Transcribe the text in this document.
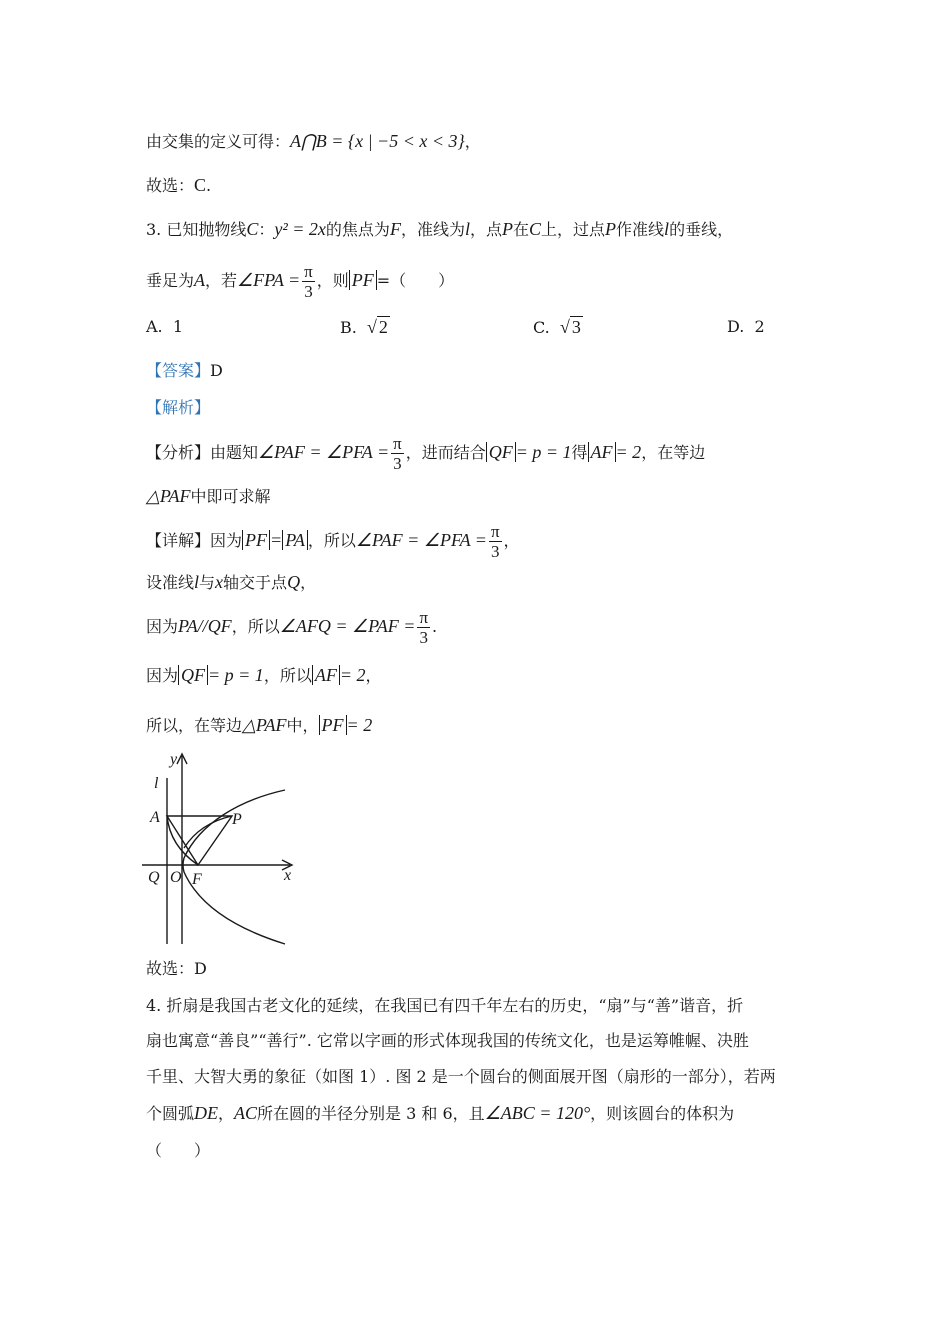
由交集的定义可得：A⋂B = {x | −5 < x < 3}，
故选：C.
3. 已知抛物线C：y² = 2x的焦点为F，准线为l，点P在C上，过点P作准线l的垂线，
垂足为A，若∠FPA = $\frac{\pi}{3}$ ，则 PF =（　　）
A. 1	B. √ 2	C. √ 3	D. 2
【答案】D
【解析】
【分析】由题知∠PAF = ∠PFA = $\frac{\pi}{3}$ ，进而结合 QF = p = 1得 AF = 2，在等边
△PAF中即可求解
【详解】因为 PF = PA ，所以∠PAF = ∠PFA = $\frac{\pi}{3}$ ，
设准线l与x轴交于点Q，
因为PA//QF，所以∠AFQ = ∠PAF = $\frac{\pi}{3}$ .
因为 QF = p = 1，所以 AF = 2，
所以，在等边△PAF中， PF = 2
y
l
A	P
Q O F	x
故选：D
4. 折扇是我国古老文化的延续，在我国已有四千年左右的历史，“扇”与“善”谐音，折
扇也寓意“善良”“善行”. 它常以字画的形式体现我国的传统文化，也是运筹帷幄、决胜
千里、大智大勇的象征（如图 1）. 图 2 是一个圆台的侧面展开图（扇形的一部分），若两
个圆弧DE，AC所在圆的半径分别是 3 和 6，且∠ABC = 120°，则该圆台的体积为
（　　）
